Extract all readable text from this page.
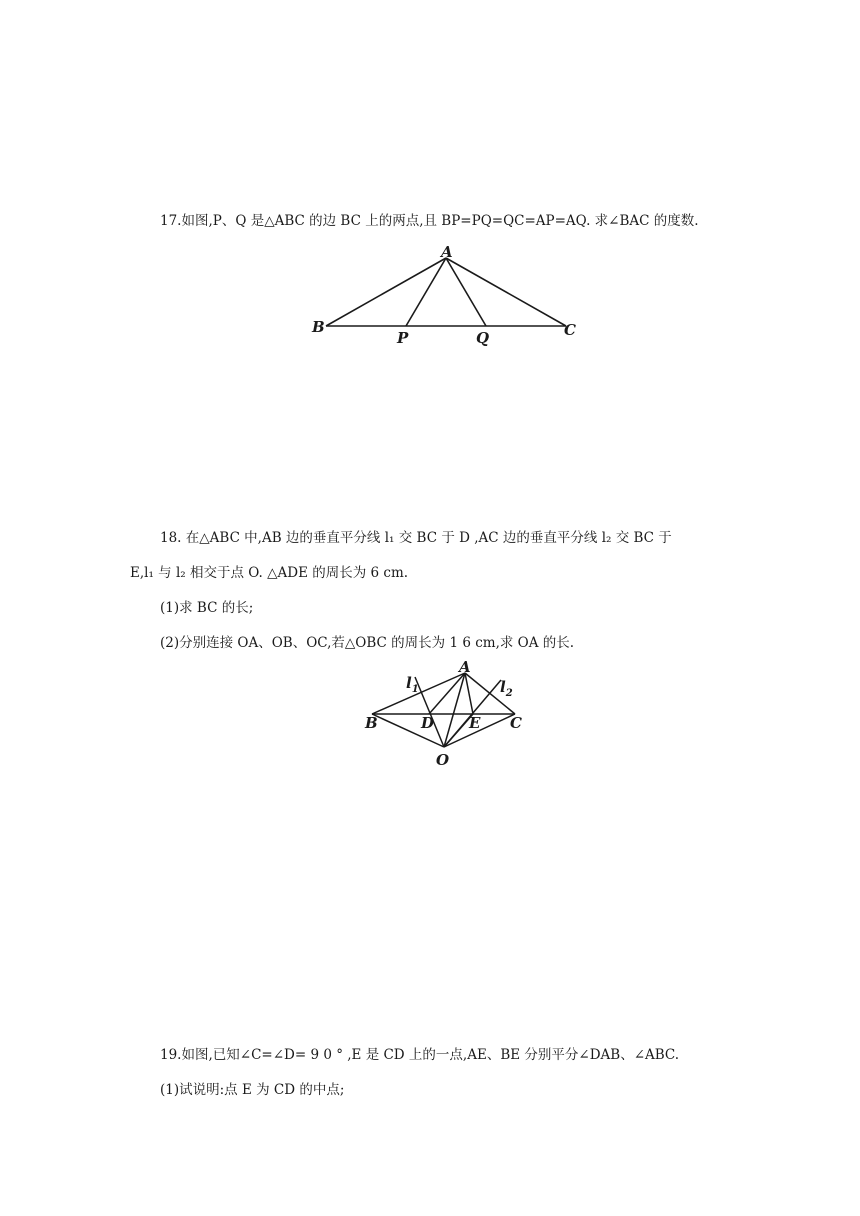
17.如图,P、Q 是△ABC 的边 BC 上的两点,且 BP=PQ=QC=AP=AQ. 求∠BAC 的度数.
A
B
P	Q	C
18. 在△ABC 中,AB 边的垂直平分线 l₁ 交 BC 于 D ,AC 边的垂直平分线 l₂ 交 BC 于
E,l₁ 与 l₂ 相交于点 O. △ADE 的周长为 6 cm.
(1)求 BC 的长;
(2)分别连接 OA、OB、OC,若△OBC 的周长为 1 6 cm,求 OA 的长.
A
$l_1$	$l_2$
B	D E C
O
19.如图,已知∠C=∠D= 9 0 ° ,E 是 CD 上的一点,AE、BE 分别平分∠DAB、∠ABC.
(1)试说明:点 E 为 CD 的中点;
